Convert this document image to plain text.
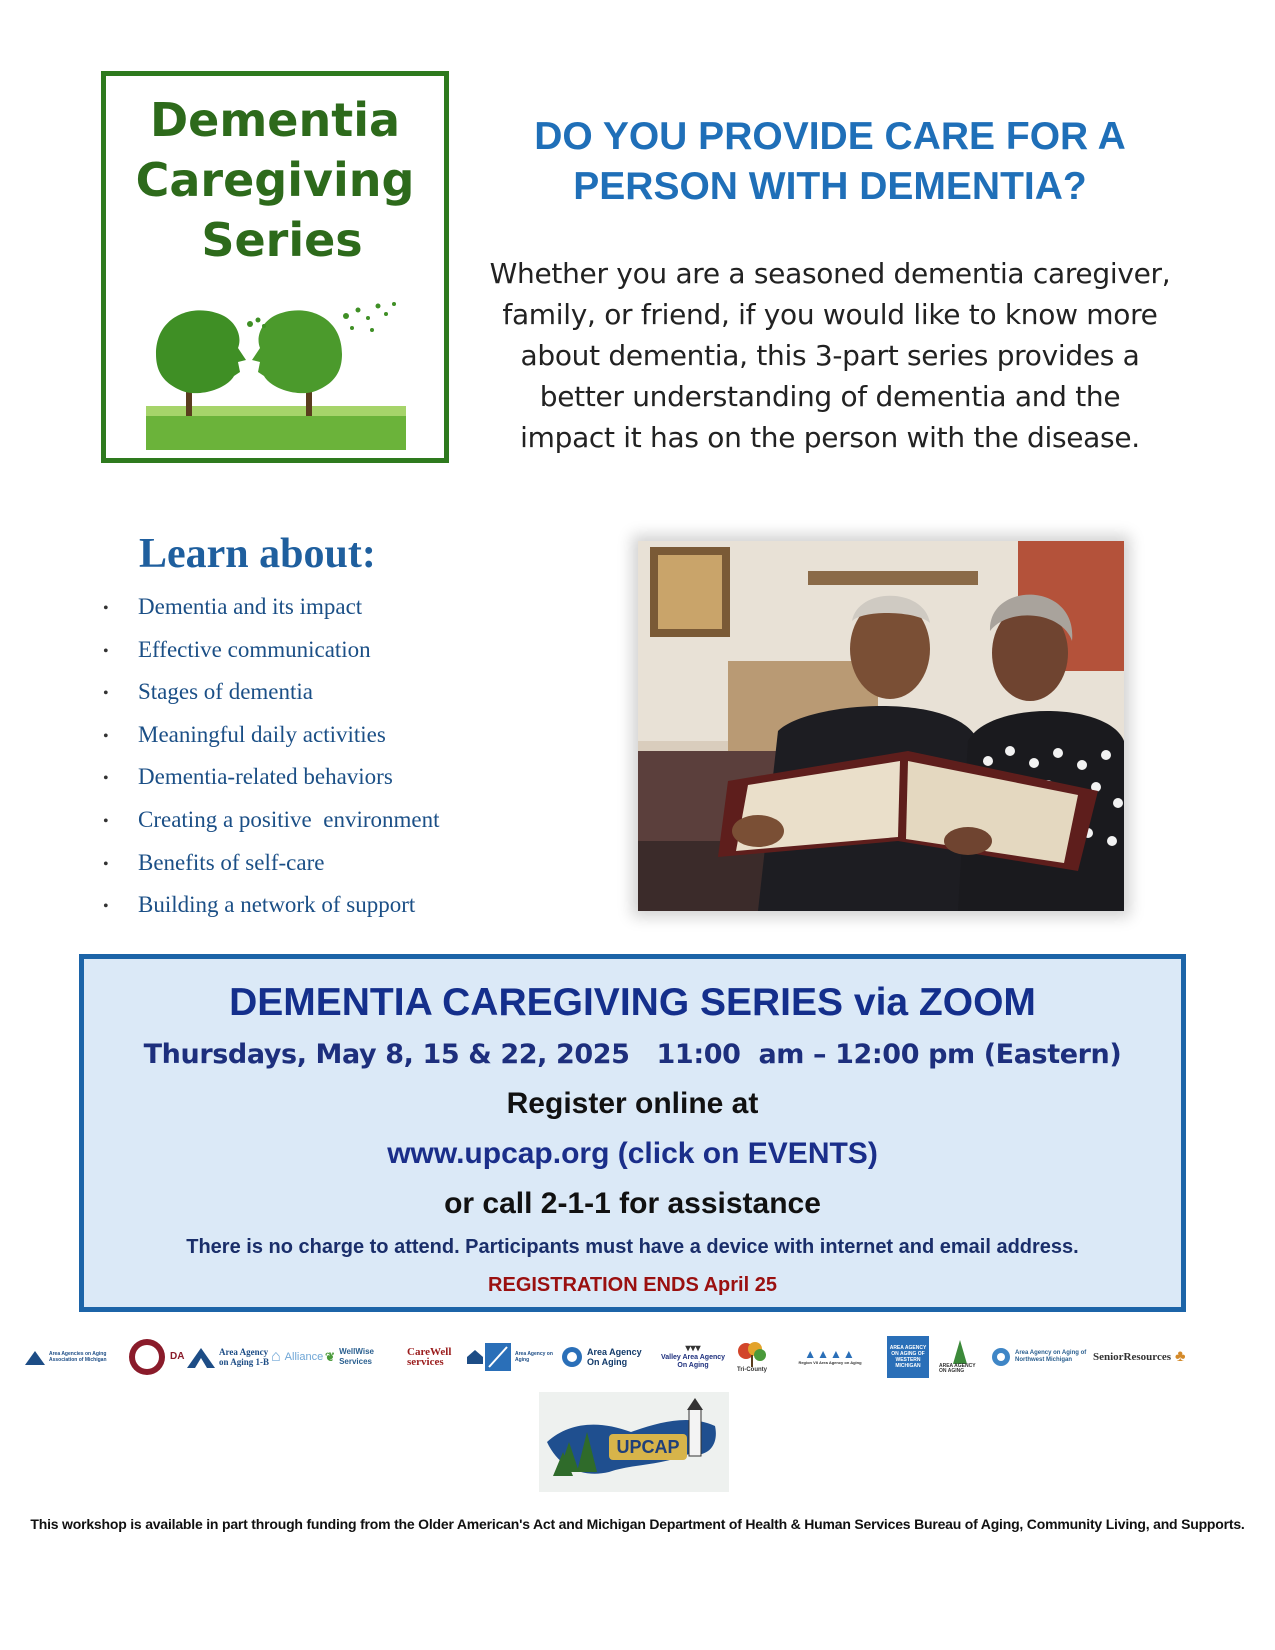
Dementia
Caregiving
Series
DO YOU PROVIDE CARE FOR A
PERSON WITH DEMENTIA?
Whether you are a seasoned dementia caregiver,
family, or friend, if you would like to know more
about dementia, this 3-part series provides a
better understanding of dementia and the
impact it has on the person with the disease.
Learn about:
•	Dementia and its impact
•	Effective communication
•	Stages of dementia
•	Meaningful daily activities
•	Dementia-related behaviors
•	Creating a positive  environment
•	Benefits of self-care
•	Building a network of support
DEMENTIA CAREGIVING SERIES via ZOOM
Thursdays, May 8, 15 & 22, 2025   11:00  am – 12:00 pm (Eastern)
Register online at
www.upcap.org (click on EVENTS)
or call 2-1-1 for assistance
There is no charge to attend. Participants must have a device with internet and email address.
REGISTRATION ENDS April 25
Area Agencies on Aging Association of Michigan	DA	Area Agency on Aging 1-B ⌂ Alliance ❦ WellWise Services
CareWell services
Area Agency on Aging
Area Agency On Aging
▾▾▾
Valley Area Agency On Aging
Tri-County
▲▲▲▲
Region VII Area Agency on Aging
AREA AGENCY ON AGING OF WESTERN MICHIGAN	AREA AGENCY ON AGING
Area Agency on Aging of Northwest Michigan	SeniorResources ♣
UPCAP
This workshop is available in part through funding from the Older American's Act and Michigan Department of Health & Human Services Bureau of Aging, Community Living, and Supports.
